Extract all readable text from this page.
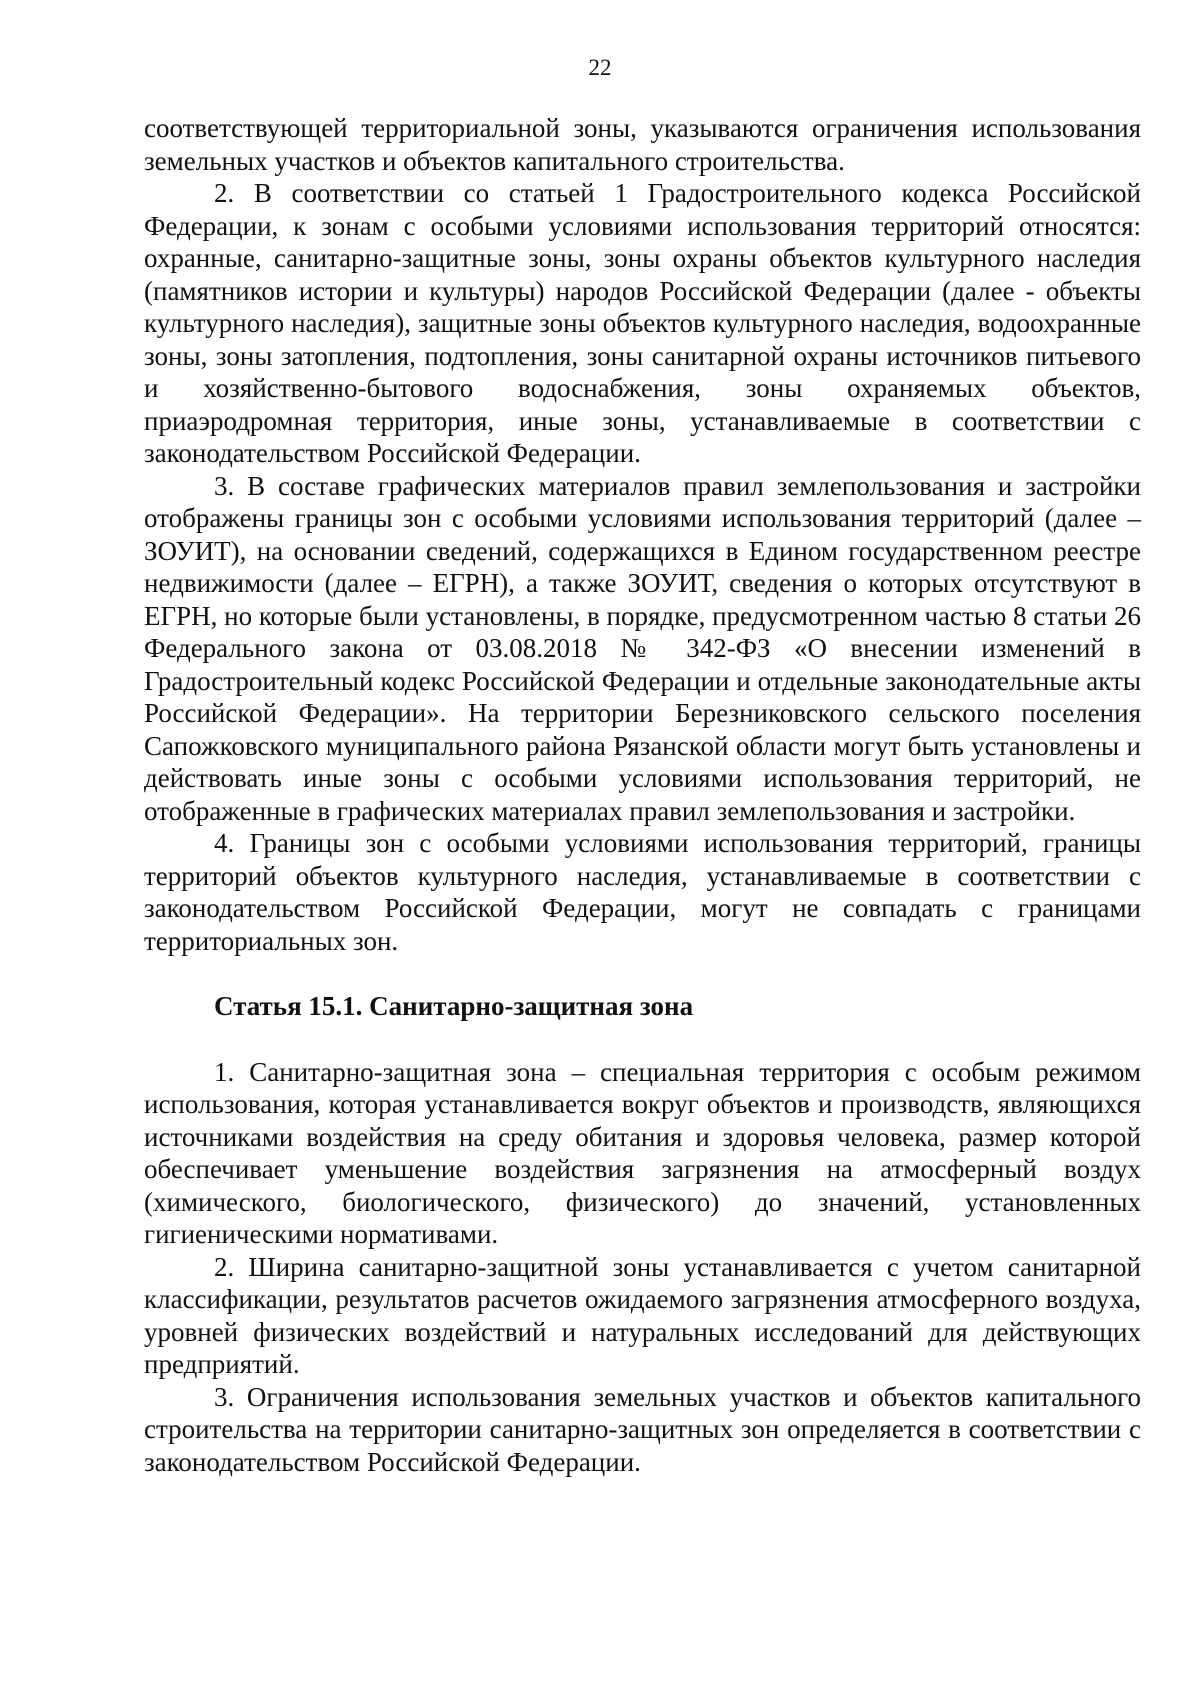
22

соответствующей территориальной зоны, указываются ограничения использования земельных участков и объектов капитального строительства.

2. В соответствии со статьей 1 Градостроительного кодекса Российской Федерации, к зонам с особыми условиями использования территорий относятся: охранные, санитарно-защитные зоны, зоны охраны объектов культурного наследия (памятников истории и культуры) народов Российской Федерации (далее - объекты культурного наследия), защитные зоны объектов культурного наследия, водоохранные зоны, зоны затопления, подтопления, зоны санитарной охраны источников питьевого и хозяйственно-бытового водоснабжения, зоны охраняемых объектов, приаэродромная территория, иные зоны, устанавливаемые в соответствии с законодательством Российской Федерации.

3. В составе графических материалов правил землепользования и застройки отображены границы зон с особыми условиями использования территорий (далее – ЗОУИТ), на основании сведений, содержащихся в Едином государственном реестре недвижимости (далее – ЕГРН), а также ЗОУИТ, сведения о которых отсутствуют в ЕГРН, но которые были установлены, в порядке, предусмотренном частью 8 статьи 26 Федерального закона от 03.08.2018 № 342-ФЗ «О внесении изменений в Градостроительный кодекс Российской Федерации и отдельные законодательные акты Российской Федерации». На территории Березниковского сельского поселения Сапожковского муниципального района Рязанской области могут быть установлены и действовать иные зоны с особыми условиями использования территорий, не отображенные в графических материалах правил землепользования и застройки.

4. Границы зон с особыми условиями использования территорий, границы территорий объектов культурного наследия, устанавливаемые в соответствии с законодательством Российской Федерации, могут не совпадать с границами территориальных зон.

Статья 15.1. Санитарно-защитная зона

1. Санитарно-защитная зона – специальная территория с особым режимом использования, которая устанавливается вокруг объектов и производств, являющихся источниками воздействия на среду обитания и здоровья человека, размер которой обеспечивает уменьшение воздействия загрязнения на атмосферный воздух (химического, биологического, физического) до значений, установленных гигиеническими нормативами.

2. Ширина санитарно-защитной зоны устанавливается с учетом санитарной классификации, результатов расчетов ожидаемого загрязнения атмосферного воздуха, уровней физических воздействий и натуральных исследований для действующих предприятий.

3. Ограничения использования земельных участков и объектов капитального строительства на территории санитарно-защитных зон определяется в соответствии с законодательством Российской Федерации.
